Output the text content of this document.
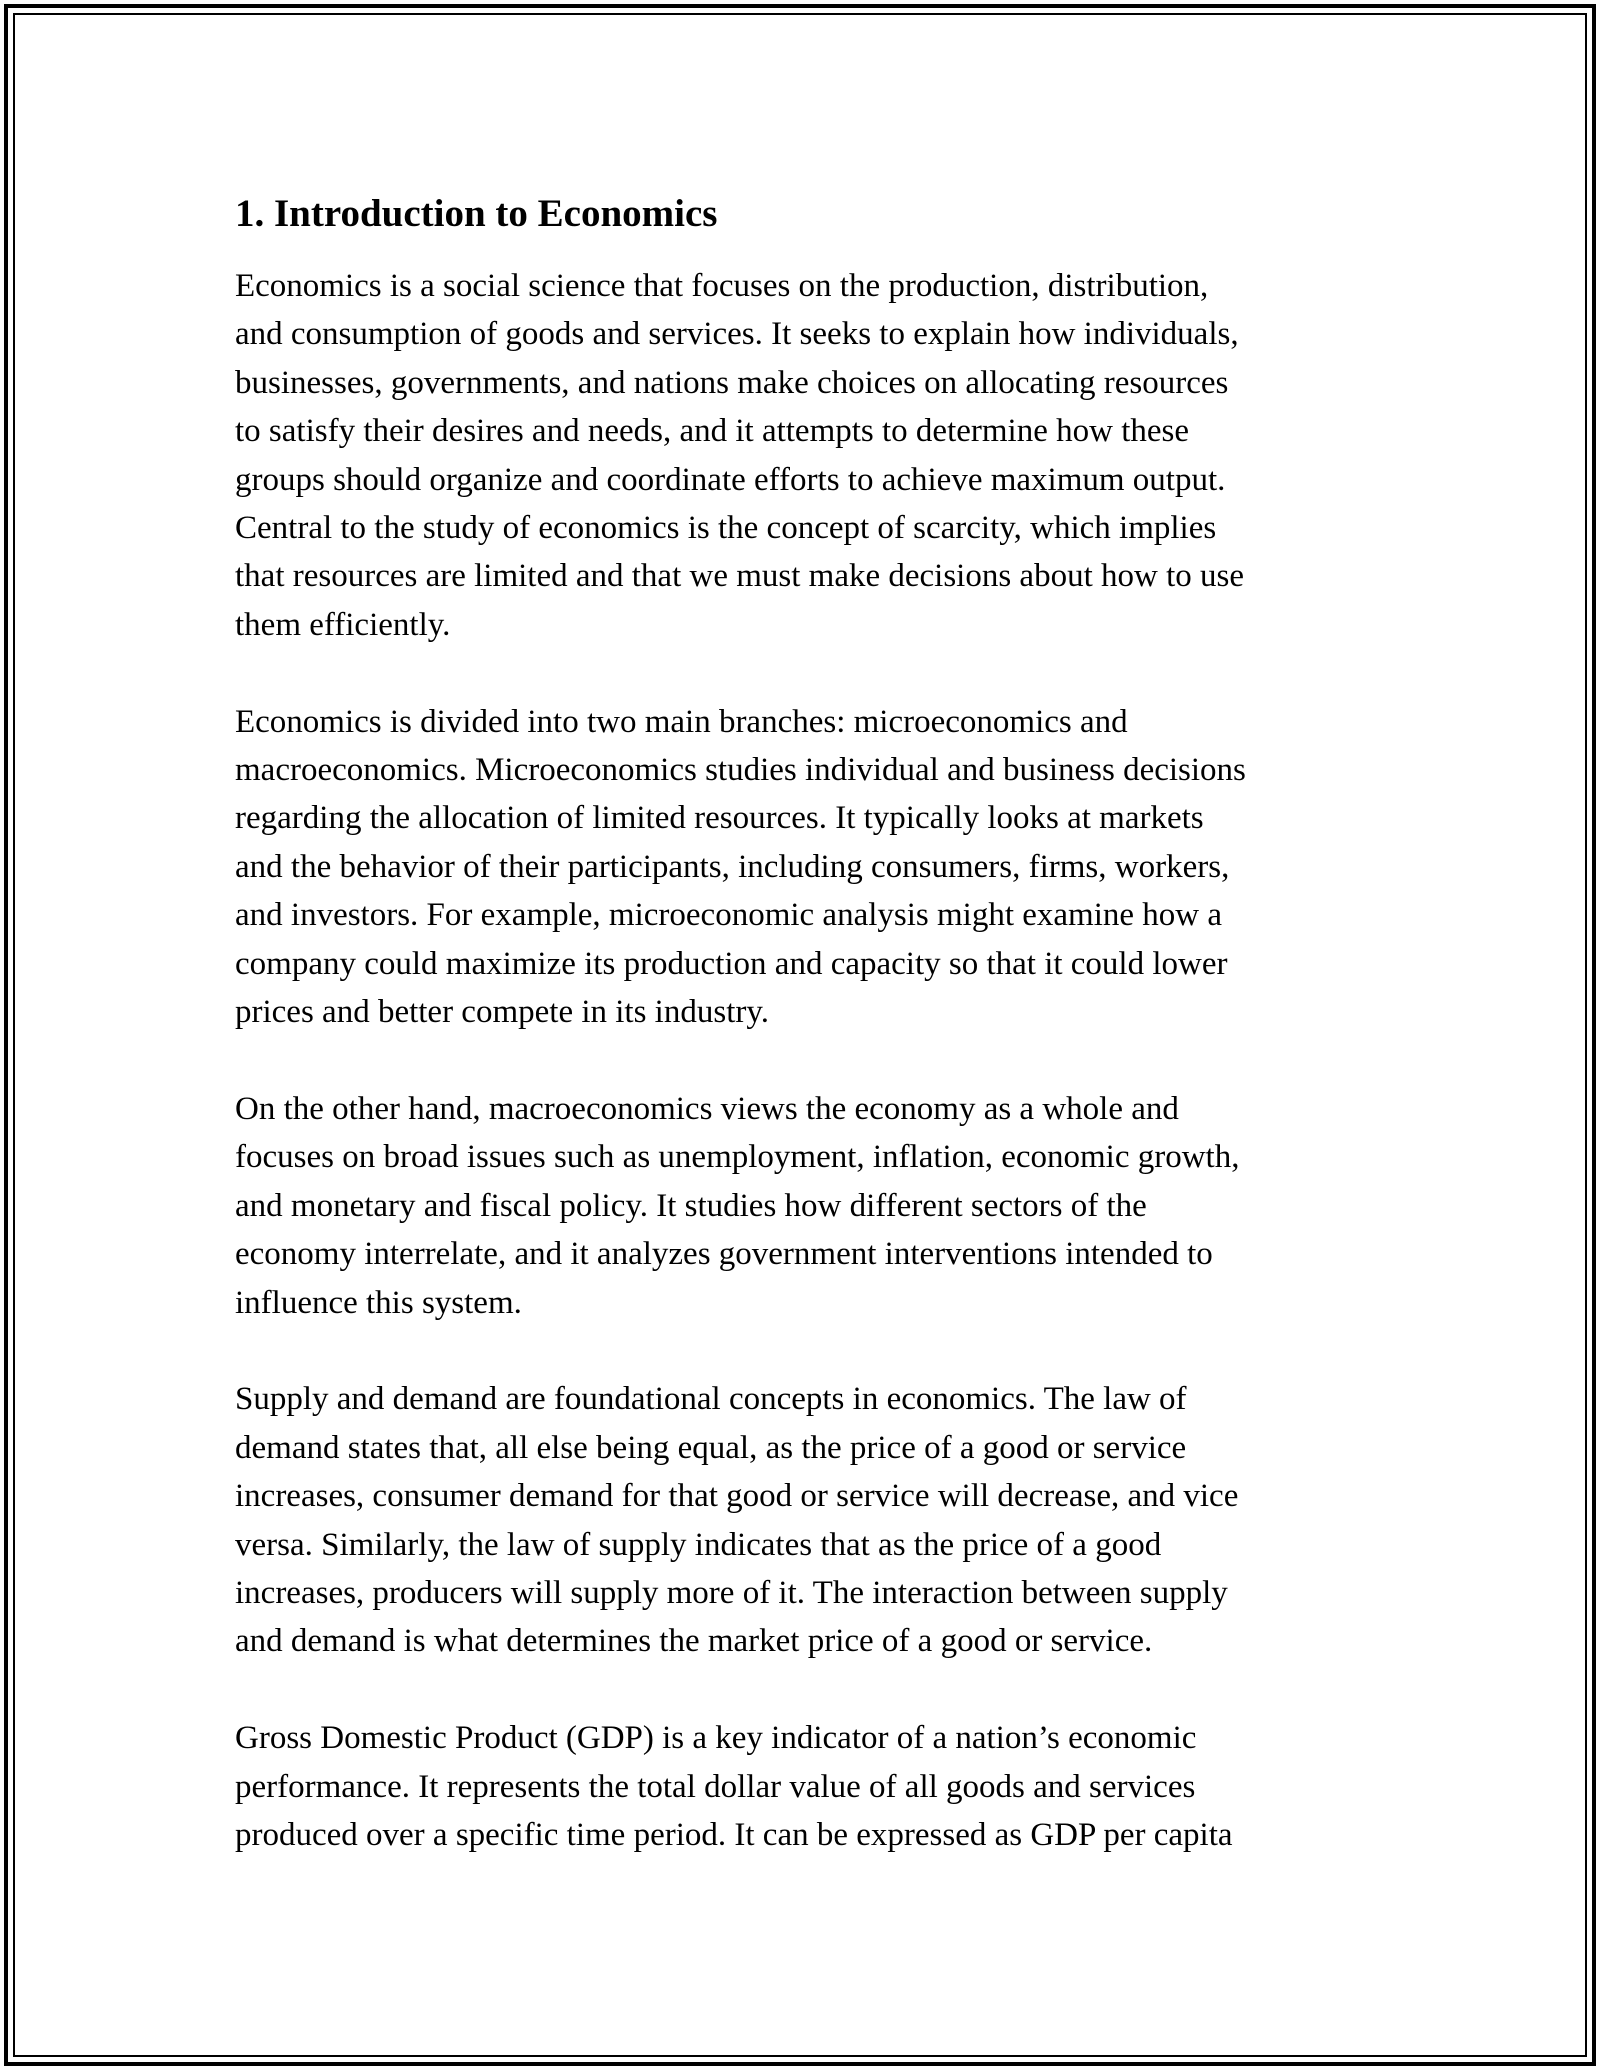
1. Introduction to Economics

Economics is a social science that focuses on the production, distribution,
and consumption of goods and services. It seeks to explain how individuals,
businesses, governments, and nations make choices on allocating resources
to satisfy their desires and needs, and it attempts to determine how these
groups should organize and coordinate efforts to achieve maximum output.
Central to the study of economics is the concept of scarcity, which implies
that resources are limited and that we must make decisions about how to use
them efficiently.

Economics is divided into two main branches: microeconomics and
macroeconomics. Microeconomics studies individual and business decisions
regarding the allocation of limited resources. It typically looks at markets
and the behavior of their participants, including consumers, firms, workers,
and investors. For example, microeconomic analysis might examine how a
company could maximize its production and capacity so that it could lower
prices and better compete in its industry.

On the other hand, macroeconomics views the economy as a whole and
focuses on broad issues such as unemployment, inflation, economic growth,
and monetary and fiscal policy. It studies how different sectors of the
economy interrelate, and it analyzes government interventions intended to
influence this system.

Supply and demand are foundational concepts in economics. The law of
demand states that, all else being equal, as the price of a good or service
increases, consumer demand for that good or service will decrease, and vice
versa. Similarly, the law of supply indicates that as the price of a good
increases, producers will supply more of it. The interaction between supply
and demand is what determines the market price of a good or service.

Gross Domestic Product (GDP) is a key indicator of a nation’s economic
performance. It represents the total dollar value of all goods and services
produced over a specific time period. It can be expressed as GDP per capita
